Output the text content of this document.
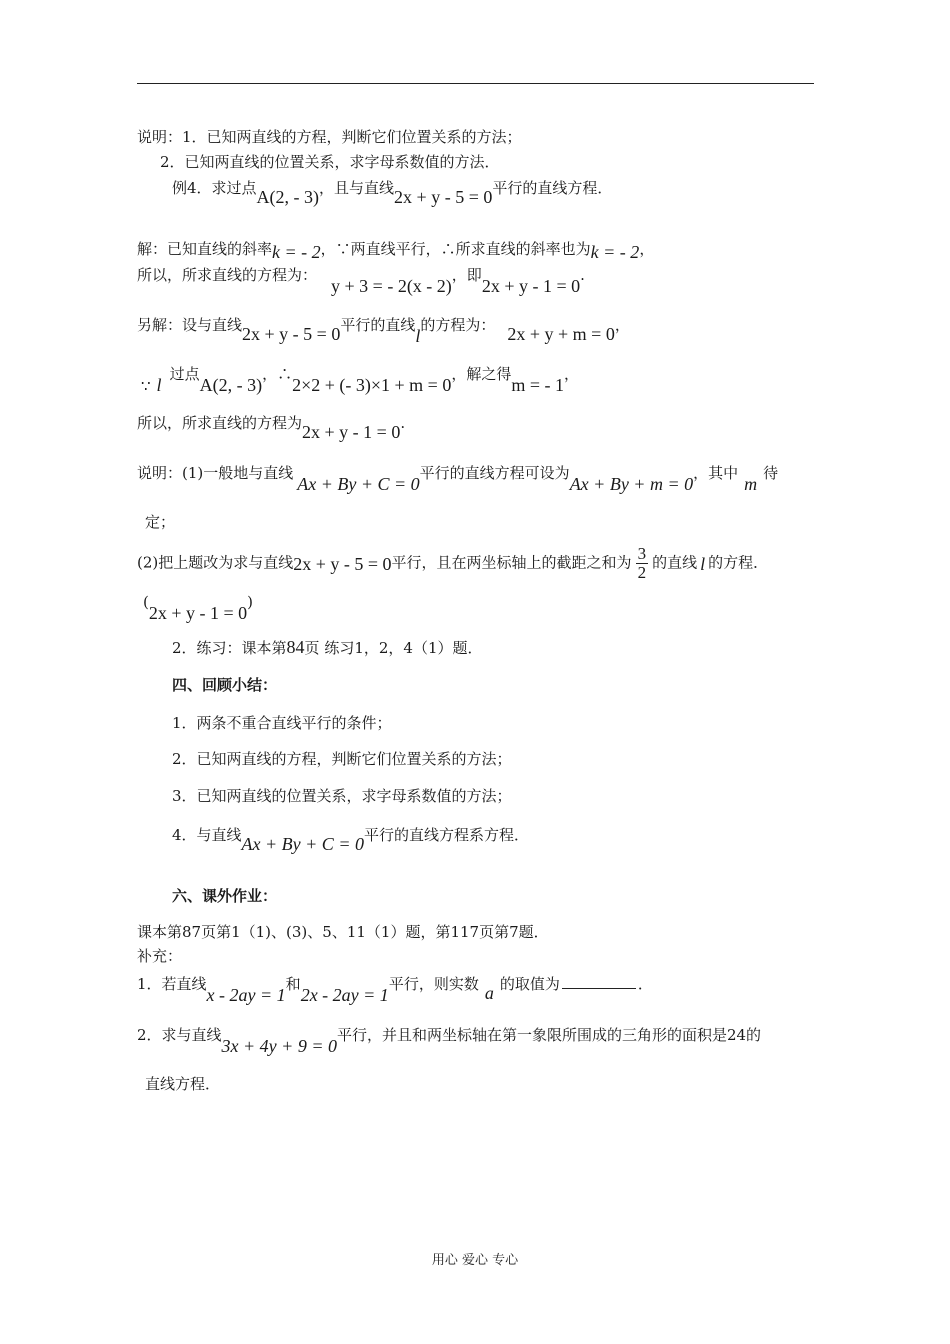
说明：1．已知两直线的方程，判断它们位置关系的方法；
2．已知两直线的位置关系，求字母系数值的方法．
例4．求过点A(2, - 3)，且与直线2x + y - 5 = 0平行的直线方程．
解：已知直线的斜率k = - 2，∵两直线平行，∴所求直线的斜率也为k = - 2，
所以，所求直线的方程为：y + 3 = - 2(x - 2)，即2x + y - 1 = 0.
另解：设与直线2x + y - 5 = 0平行的直线l的方程为： 2x + y + m = 0，
∵ l过点A(2, - 3)，∴2×2 + (- 3)×1 + m = 0，解之得m = - 1，
所以，所求直线的方程为2x + y - 1 = 0.
说明：(1)一般地与直线Ax + By + C = 0平行的直线方程可设为Ax + By + m = 0，其中m待
定；
(2)把上题改为求与直线2x + y - 5 = 0平行，且在两坐标轴上的截距之和为 $\frac{3}{2}$ 的直线 l 的方程．
(2x + y - 1 = 0)
2．练习：课本第84页 练习1，2，4（1）题．
四、回顾小结：
1．两条不重合直线平行的条件；
2．已知两直线的方程，判断它们位置关系的方法；
3．已知两直线的位置关系，求字母系数值的方法；
4．与直线Ax + By + C = 0平行的直线方程系方程．
六、课外作业：
课本第87页第1（1)、(3)、5、11（1）题，第117页第7题．
补充：
1．若直线x - 2ay = 1和2x - 2ay = 1平行，则实数 a 的取值为	．
2．求与直线3x + 4y + 9 = 0平行，并且和两坐标轴在第一象限所围成的三角形的面积是24的
直线方程．
用心 爱心 专心
